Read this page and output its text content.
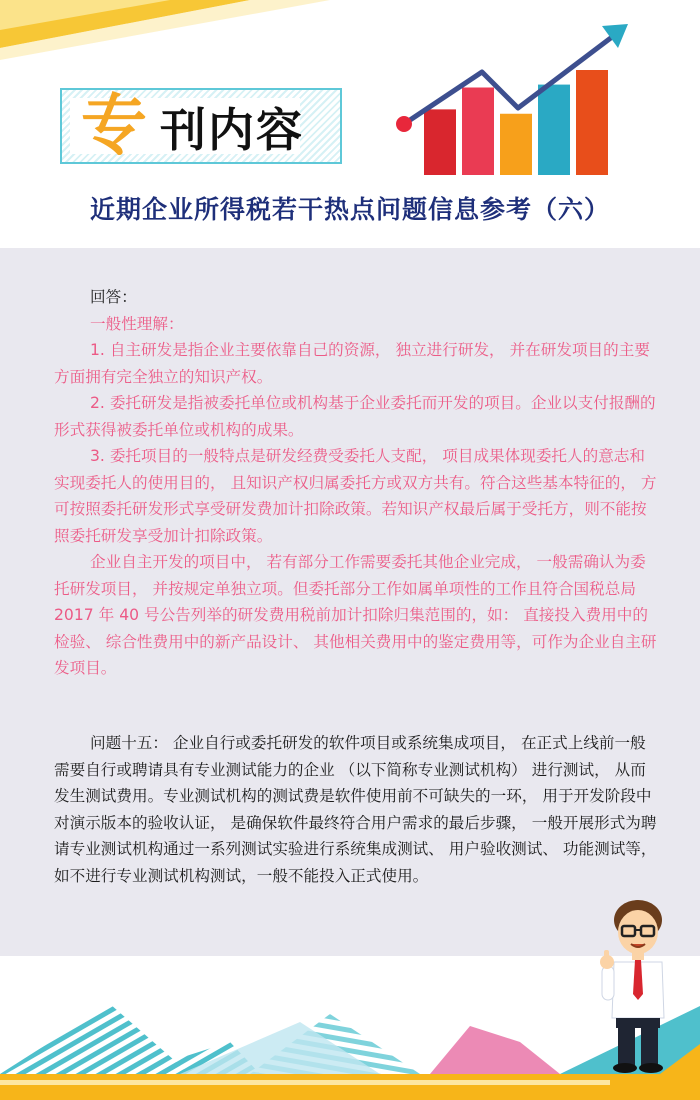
专 刊内容
近期企业所得税若干热点问题信息参考（六）

回答：

一般性理解：

1. 自主研发是指企业主要依靠自己的资源， 独立进行研发， 并在研发项目的主要方面拥有完全独立的知识产权。

2. 委托研发是指被委托单位或机构基于企业委托而开发的项目。企业以支付报酬的形式获得被委托单位或机构的成果。

3. 委托项目的一般特点是研发经费受委托人支配， 项目成果体现委托人的意志和实现委托人的使用目的， 且知识产权归属委托方或双方共有。符合这些基本特征的， 方可按照委托研发形式享受研发费加计扣除政策。若知识产权最后属于受托方，则不能按照委托研发享受加计扣除政策。

企业自主开发的项目中， 若有部分工作需要委托其他企业完成， 一般需确认为委托研发项目， 并按规定单独立项。但委托部分工作如属单项性的工作且符合国税总局 2017 年 40 号公告列举的研发费用税前加计扣除归集范围的，如： 直接投入费用中的检验、 综合性费用中的新产品设计、 其他相关费用中的鉴定费用等，可作为企业自主研发项目。

问题十五： 企业自行或委托研发的软件项目或系统集成项目， 在正式上线前一般需要自行或聘请具有专业测试能力的企业 （以下简称专业测试机构） 进行测试， 从而发生测试费用。专业测试机构的测试费是软件使用前不可缺失的一环， 用于开发阶段中对演示版本的验收认证， 是确保软件最终符合用户需求的最后步骤， 一般开展形式为聘请专业测试机构通过一系列测试实验进行系统集成测试、 用户验收测试、 功能测试等， 如不进行专业测试机构测试，一般不能投入正式使用。
